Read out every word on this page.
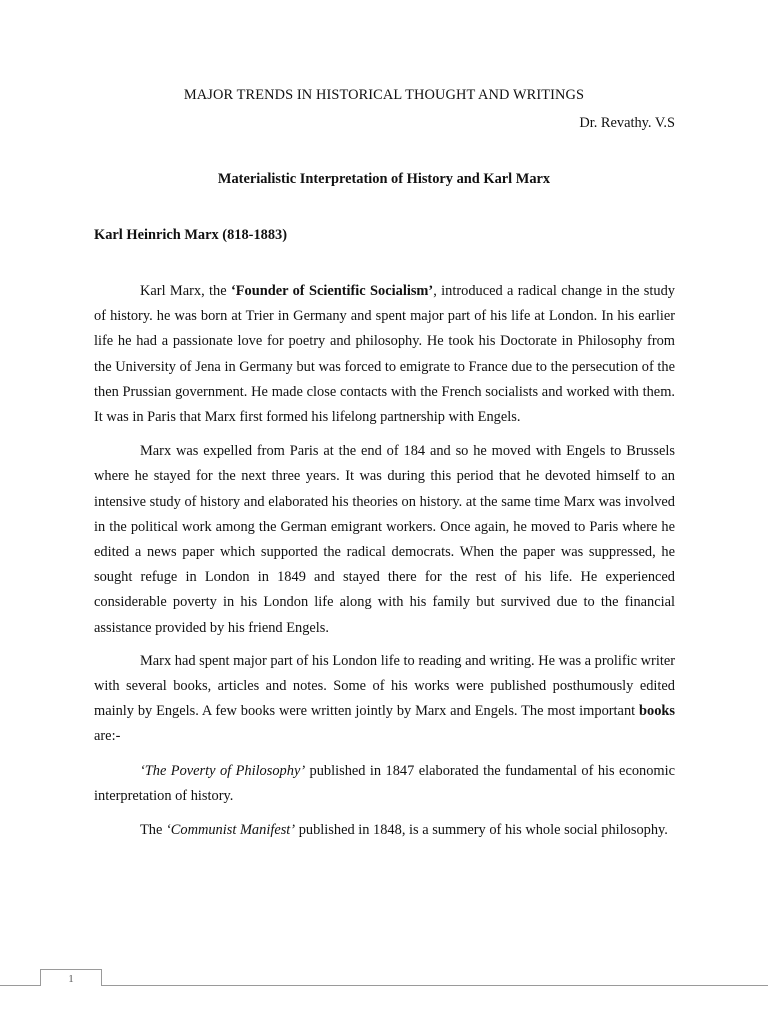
MAJOR TRENDS IN HISTORICAL THOUGHT AND WRITINGS
Dr. Revathy. V.S
Materialistic Interpretation of History and Karl Marx
Karl Heinrich Marx (818-1883)

Karl Marx, the ‘Founder of Scientific Socialism’, introduced a radical change in the study of history. he was born at Trier in Germany and spent major part of his life at London. In his earlier life he had a passionate love for poetry and philosophy. He took his Doctorate in Philosophy from the University of Jena in Germany but was forced to emigrate to France due to the persecution of the then Prussian government. He made close contacts with the French socialists and worked with them. It was in Paris that Marx first formed his lifelong partnership with Engels.

Marx was expelled from Paris at the end of 184 and so he moved with Engels to Brussels where he stayed for the next three years. It was during this period that he devoted himself to an intensive study of history and elaborated his theories on history. at the same time Marx was involved in the political work among the German emigrant workers. Once again, he moved to Paris where he edited a news paper which supported the radical democrats. When the paper was suppressed, he sought refuge in London in 1849 and stayed there for the rest of his life. He experienced considerable poverty in his London life along with his family but survived due to the financial assistance provided by his friend Engels.

Marx had spent major part of his London life to reading and writing. He was a prolific writer with several books, articles and notes. Some of his works were published posthumously edited mainly by Engels. A few books were written jointly by Marx and Engels. The most important books are:-

‘The Poverty of Philosophy’ published in 1847 elaborated the fundamental of his economic interpretation of history.

The ‘Communist Manifest’ published in 1848, is a summery of his whole social philosophy.

1
